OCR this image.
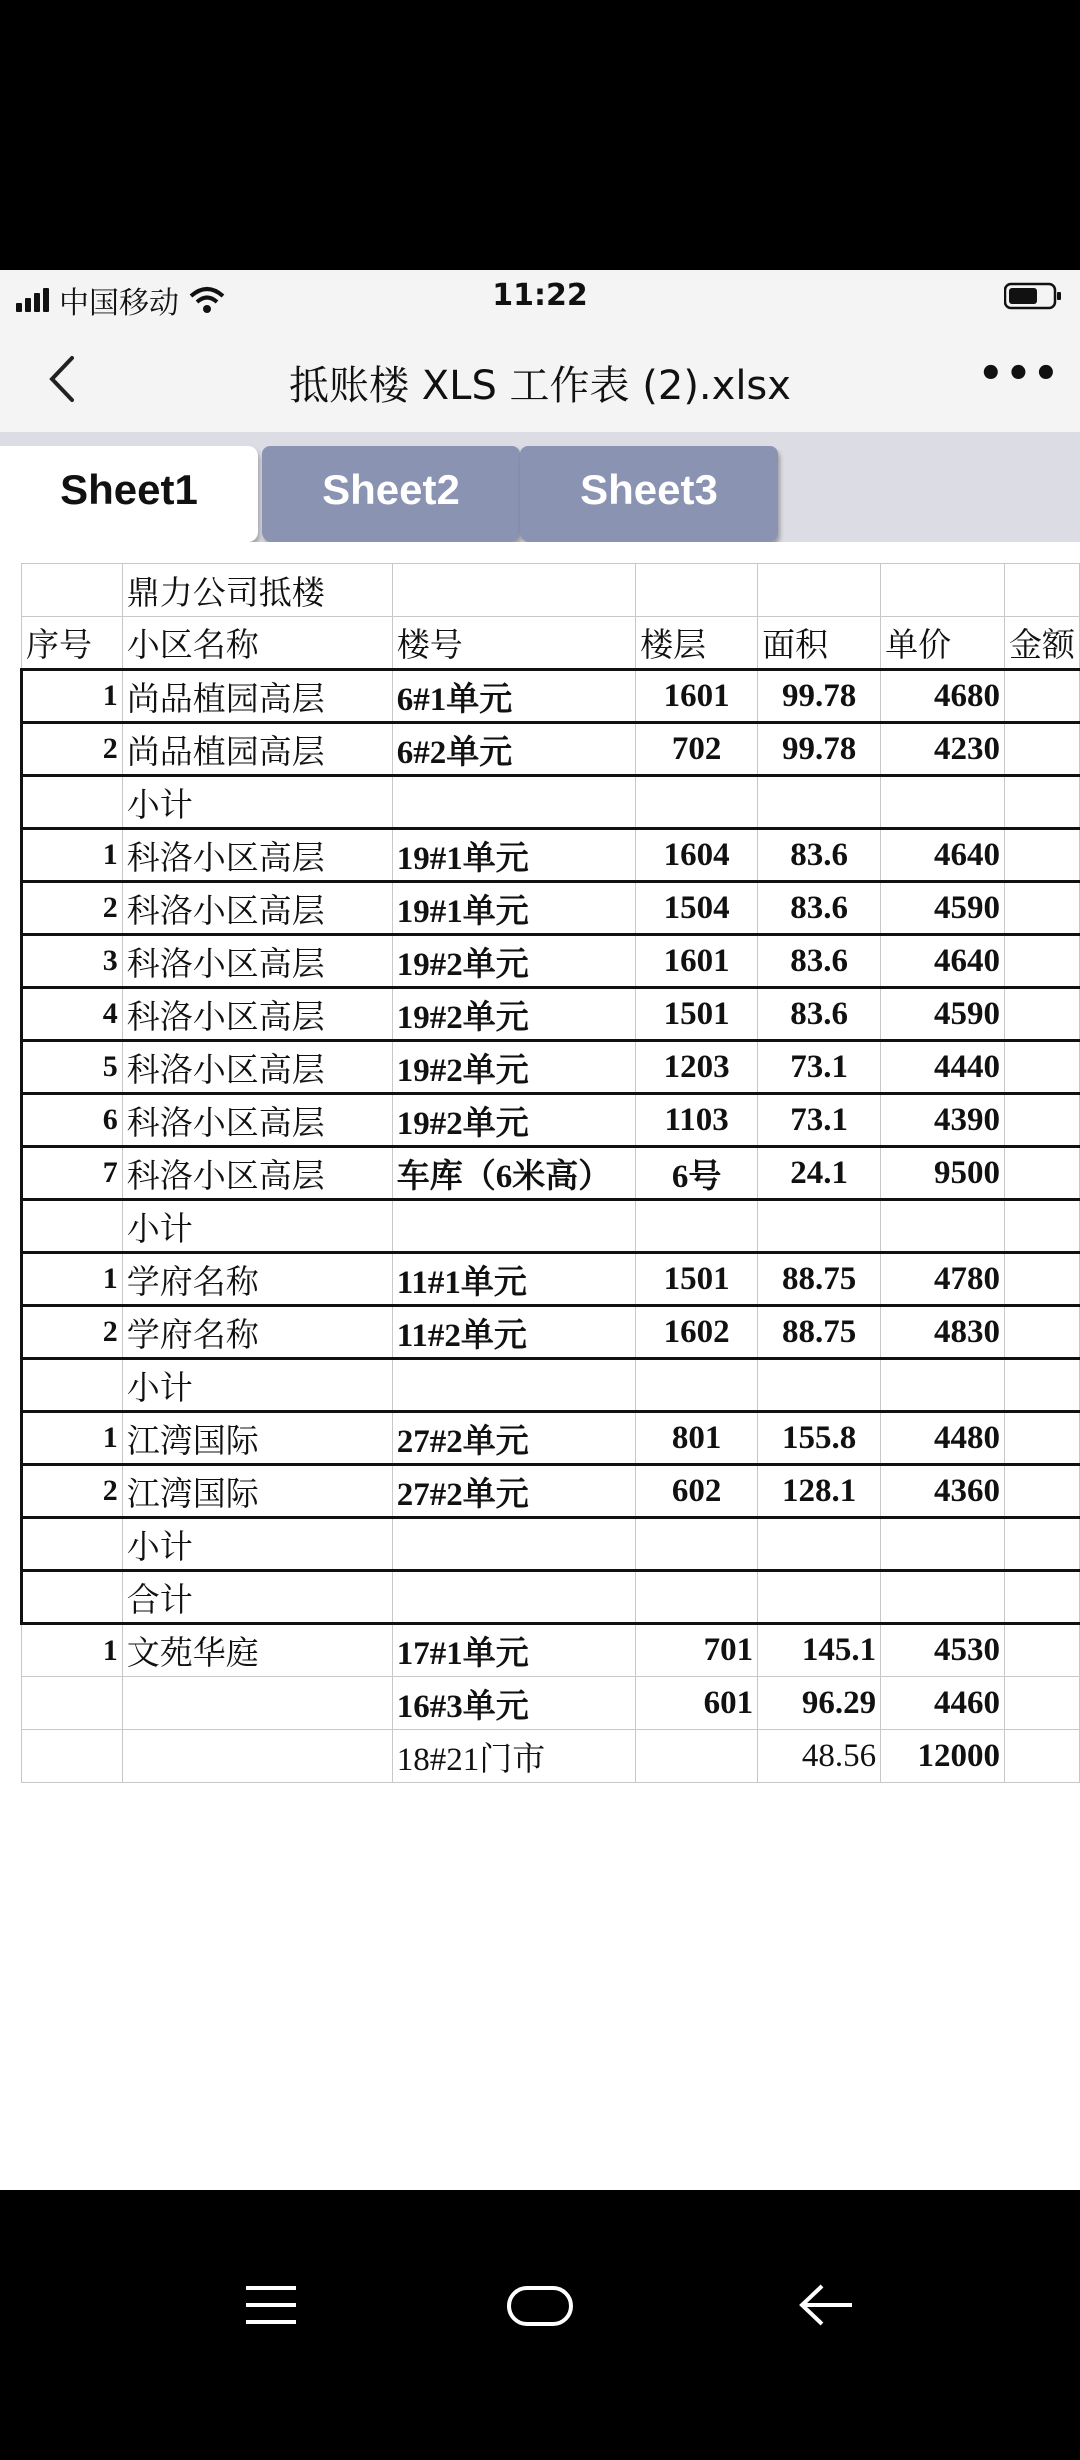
中国移动	11:22
抵账楼 XLS 工作表 (2).xlsx	•••
Sheet1	Sheet2	Sheet3
	鼎力公司抵楼					
序号	小区名称	楼号	楼层	面积	单价	金额
1	尚品植园高层	6#1单元	1601	99.78	4680	
2	尚品植园高层	6#2单元	702	99.78	4230	
	小计					
1	科洛小区高层	19#1单元	1604	83.6	4640	
2	科洛小区高层	19#1单元	1504	83.6	4590	
3	科洛小区高层	19#2单元	1601	83.6	4640	
4	科洛小区高层	19#2单元	1501	83.6	4590	
5	科洛小区高层	19#2单元	1203	73.1	4440	
6	科洛小区高层	19#2单元	1103	73.1	4390	
7	科洛小区高层	车库（6米高）	6号	24.1	9500	
	小计					
1	学府名称	11#1单元	1501	88.75	4780	
2	学府名称	11#2单元	1602	88.75	4830	
	小计					
1	江湾国际	27#2单元	801	155.8	4480	
2	江湾国际	27#2单元	602	128.1	4360	
	小计					
	合计					
1	文苑华庭	17#1单元	701	145.1	4530	
		16#3单元	601	96.29	4460	
		18#21门市		48.56	12000	
